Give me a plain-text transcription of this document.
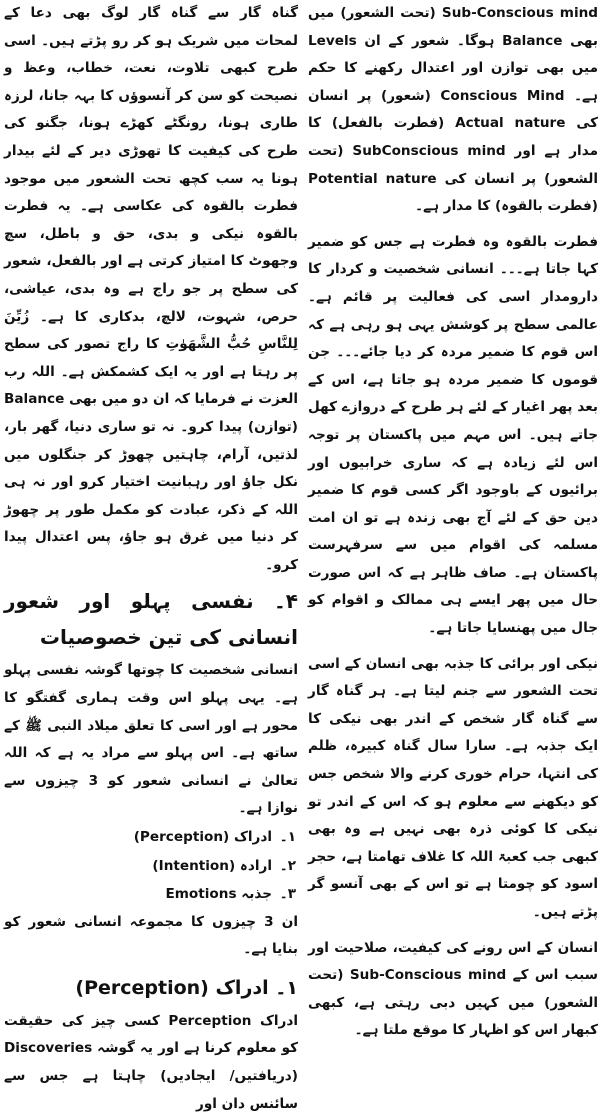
Sub-Conscious mind (تحت الشعور) میں بھی Balance ہوگا۔ شعور کے ان Levels میں بھی توازن اور اعتدال رکھنے کا حکم ہے۔ Conscious Mind (شعور) پر انسان کی Actual nature (فطرت بالفعل) کا مدار ہے اور SubConscious mind (تحت الشعور) پر انسان کی Potential nature (فطرت بالقوہ) کا مدار ہے۔

فطرت بالقوہ وہ فطرت ہے جس کو ضمیر کہا جاتا ہے۔۔۔ انسانی شخصیت و کردار کا دارومدار اسی کی فعالیت پر قائم ہے۔ عالمی سطح پر کوشش یہی ہو رہی ہے کہ اس قوم کا ضمیر مردہ کر دیا جائے۔۔۔ جن قوموں کا ضمیر مردہ ہو جاتا ہے، اس کے بعد پھر اغیار کے لئے ہر طرح کے دروازے کھل جاتے ہیں۔ اس مہم میں پاکستان پر توجہ اس لئے زیادہ ہے کہ ساری خرابیوں اور برائیوں کے باوجود اگر کسی قوم کا ضمیر دین حق کے لئے آج بھی زندہ ہے تو ان امت مسلمہ کی اقوام میں سے سرفہرست پاکستان ہے۔ صاف ظاہر ہے کہ اس صورت حال میں پھر ایسے ہی ممالک و اقوام کو جال میں پھنسایا جاتا ہے۔

نیکی اور برائی کا جذبہ بھی انسان کے اسی تحت الشعور سے جنم لیتا ہے۔ ہر گناہ گار سے گناہ گار شخص کے اندر بھی نیکی کا ایک جذبہ ہے۔ سارا سال گناہ کبیرہ، ظلم کی انتہا، حرام خوری کرنے والا شخص جس کو دیکھنے سے معلوم ہو کہ اس کے اندر تو نیکی کا کوئی ذرہ بھی نہیں ہے وہ بھی کبھی جب کعبۃ اللہ کا غلاف تھامتا ہے، حجر اسود کو چومتا ہے تو اس کے بھی آنسو گر پڑتے ہیں۔

انسان کے اس رونے کی کیفیت، صلاحیت اور سبب اس کے Sub-Conscious mind (تحت الشعور) میں کہیں دبی رہتی ہے، کبھی کبھار اس کو اظہار کا موقع ملتا ہے۔

گناہ گار سے گناہ گار لوگ بھی دعا کے لمحات میں شریک ہو کر رو پڑتے ہیں۔ اسی طرح کبھی تلاوت، نعت، خطاب، وعظ و نصیحت کو سن کر آنسوؤں کا بہہ جانا، لرزہ طاری ہونا، رونگٹے کھڑے ہونا، جگنو کی طرح کی کیفیت کا تھوڑی دیر کے لئے بیدار ہونا یہ سب کچھ تحت الشعور میں موجود فطرت بالقوہ کی عکاسی ہے۔ یہ فطرت بالقوہ نیکی و بدی، حق و باطل، سچ وجھوٹ کا امتیاز کرتی ہے اور بالفعل، شعور کی سطح پر جو راج ہے وہ بدی، عیاشی، حرص، شہوت، لالچ، بدکاری کا ہے۔ زُيِّنَ لِلنَّاسِ حُبُّ الشَّهَوٰتِ کا راج تصور کی سطح پر رہتا ہے اور یہ ایک کشمکش ہے۔ اللہ رب العزت نے فرمایا کہ ان دو میں بھی Balance (توازن) پیدا کرو۔ نہ تو ساری دنیا، گھر بار، لذتیں، آرام، چاہتیں چھوڑ کر جنگلوں میں نکل جاؤ اور رہبانیت اختیار کرو اور نہ ہی اللہ کے ذکر، عبادت کو مکمل طور پر چھوڑ کر دنیا میں غرق ہو جاؤ، پس اعتدال پیدا کرو۔

۴۔ نفسی پہلو اور شعور انسانی کی تین خصوصیات

انسانی شخصیت کا چوتھا گوشہ نفسی پہلو ہے۔ یہی پہلو اس وقت ہماری گفتگو کا محور ہے اور اسی کا تعلق میلاد النبی ﷺ کے ساتھ ہے۔ اس پہلو سے مراد یہ ہے کہ اللہ تعالیٰ نے انسانی شعور کو 3 چیزوں سے نوازا ہے۔

۱۔
ادراک (Perception)
۲۔
ارادہ (Intention)
۳۔
جذبہ Emotions

ان 3 چیزوں کا مجموعہ انسانی شعور کو بنایا ہے۔

۱۔ ادراک (Perception)

ادراک Perception کسی چیز کی حقیقت کو معلوم کرنا ہے اور یہ گوشہ Discoveries (دریافتیں/ ایجادیں) چاہتا ہے جس سے سائنس دان اور
